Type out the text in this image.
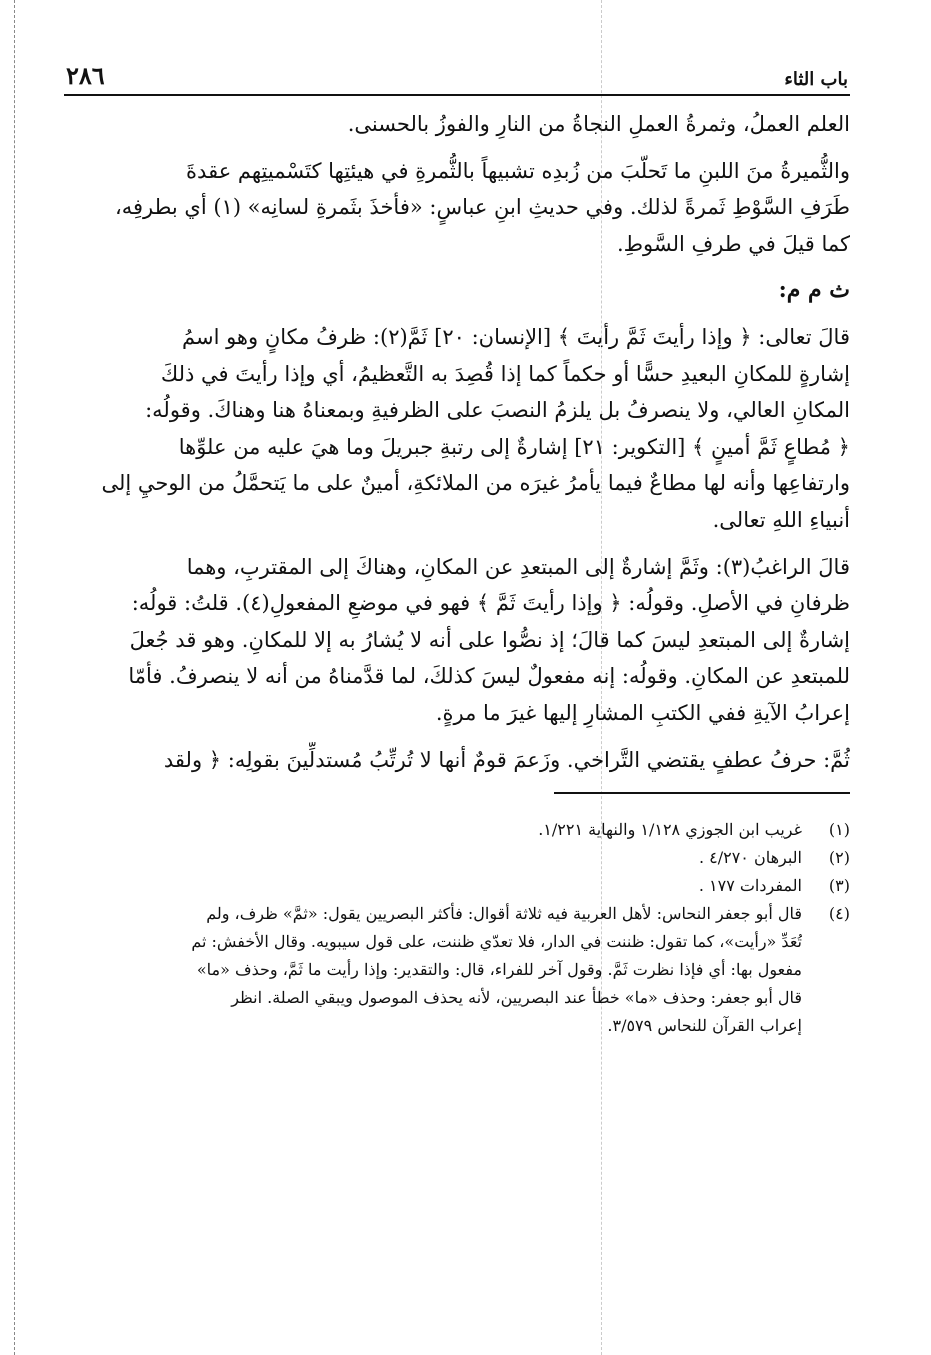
باب الثاء
٢٨٦

العلم العملُ، وثمرةُ العملِ النجاةُ من النارِ والفوزُ بالحسنى.

والثُّميرةُ منَ اللبنِ ما تَحلّبَ من زُبدِه تشبيهاً بالثُّمرةِ في هيئتِها كتَسْميتِهم عقدةَ
طَرَفِ السَّوْطِ ثَمرةً لذلك. وفي حديثِ ابنِ عباسٍ: «فأخذَ بثَمرةِ لسانِه» (١) أي بطرفِه،
كما قيلَ في طرفِ السَّوطِ.

ث م م:

قالَ تعالى: ﴿ وإذا رأيتَ ثَمَّ رأيتَ ﴾ [الإنسان: ٢٠] ثَمَّ(٢): ظرفُ مكانٍ وهو اسمُ
إشارةٍ للمكانِ البعيدِ حسًّا أو حكماً كما إذا قُصِدَ به التَّعظيمُ، أي وإذا رأيتَ في ذلكَ
المكانِ العالي، ولا ينصرفُ بل يلزمُ النصبَ على الظرفيةِ وبمعناهُ هنا وهناكَ. وقولُه:
﴿ مُطاعٍ ثَمَّ أمينٍ ﴾ [التكوير: ٢١] إشارةٌ إلى رتبةِ جبريلَ وما هيَ عليه من علوِّها
وارتفاعِها وأنه لها مطاعٌ فيما يأمرُ غيرَه من الملائكةِ، أمينٌ على ما يَتحمَّلُ من الوحيِ إلى
أنبياءِ اللهِ تعالى.

قالَ الراغبُ(٣): وثَمَّ إشارةٌ إلى المبتعدِ عن المكانِ، وهناكَ إلى المقتربِ، وهما
ظرفانِ في الأصلِ. وقولُه: ﴿ وإذا رأيتَ ثَمَّ ﴾ فهو في موضعِ المفعولِ(٤). قلتُ: قولُه:
إشارةٌ إلى المبتعدِ ليسَ كما قالَ؛ إذ نصُّوا على أنه لا يُشارُ به إلا للمكانِ. وهو قد جُعلَ
للمبتعدِ عن المكانِ. وقولُه: إنه مفعولٌ ليسَ كذلكَ، لما قدَّمناهُ من أنه لا ينصرفُ. فأمّا
إعرابُ الآيةِ ففي الكتبِ المشارِ إليها غيرَ ما مرةٍ.

ثُمَّ: حرفُ عطفٍ يقتضي التَّراخي. وزَعمَ قومٌ أنها لا تُرتِّبُ مُستدلِّينَ بقولِه: ﴿ ولقد

(١)
غريب ابن الجوزي ١/١٢٨ والنهاية ١/٢٢١.
(٢)
البرهان ٤/٢٧٠ .
(٣)
المفردات ١٧٧ .
(٤)
قال أبو جعفر النحاس: لأهل العربية فيه ثلاثة أقوال: فأكثر البصريين يقول: «ثمَّ» ظرف، ولم
تُعَدِّ «رأيت»، كما تقول: ظننت في الدار، فلا تعدّي ظننت، على قول سيبويه. وقال الأخفش: ثم
مفعول بها: أي فإذا نظرت ثَمَّ. وقول آخر للفراء، قال: والتقدير: وإذا رأيت ما ثَمَّ، وحذف «ما»
قال أبو جعفر: وحذف «ما» خطأ عند البصريين، لأنه يحذف الموصول ويبقي الصلة. انظر
إعراب القرآن للنحاس ٣/٥٧٩.
